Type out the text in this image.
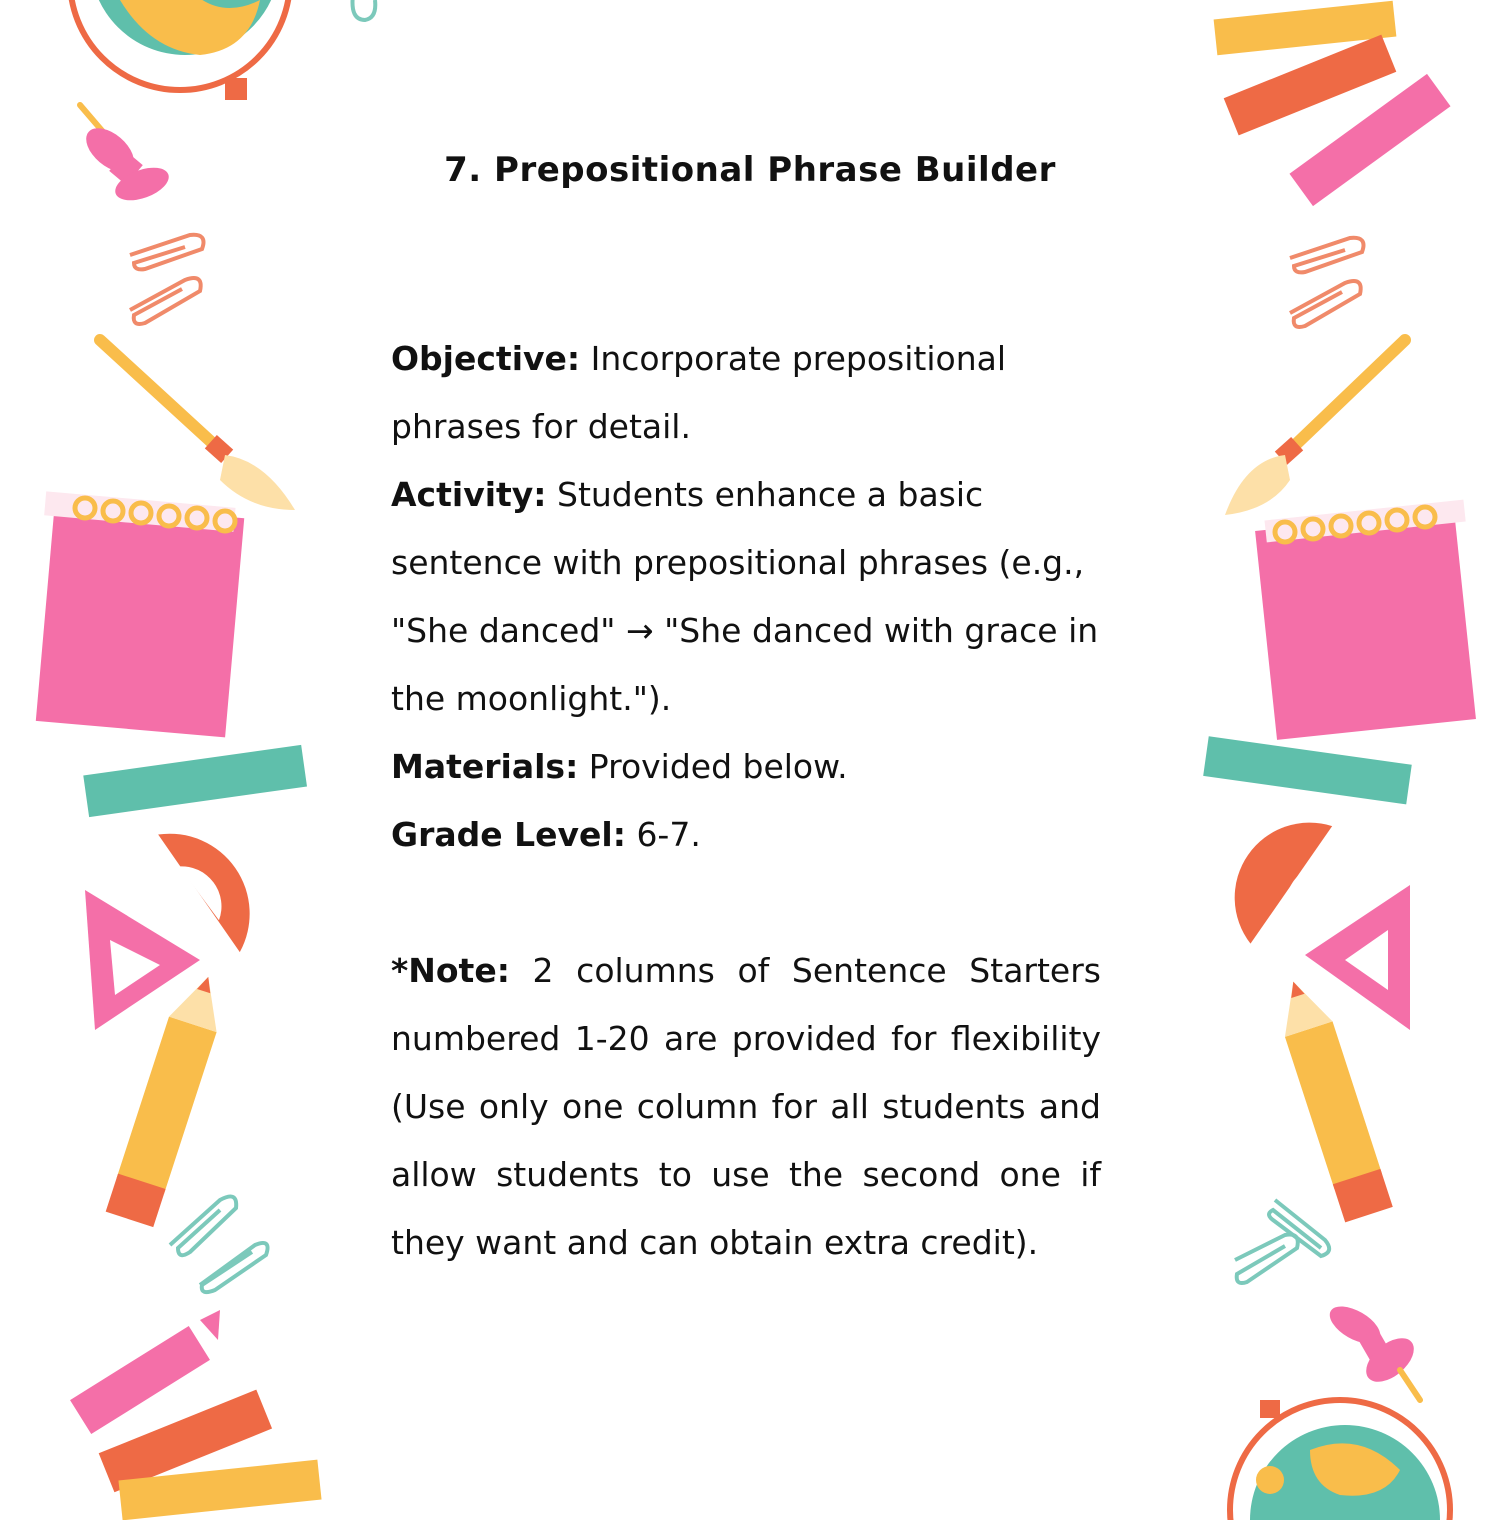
7. Prepositional Phrase Builder

Objective: Incorporate prepositional phrases for detail.

Activity: Students enhance a basic sentence with prepositional phrases (e.g., "She danced" → "She danced with grace in the moonlight.").

Materials: Provided below.

Grade Level: 6-7.

*Note: 2 columns of Sentence Starters numbered 1-20 are provided for flexibility (Use only one column for all students and allow students to use the second one if they want and can obtain extra credit).
